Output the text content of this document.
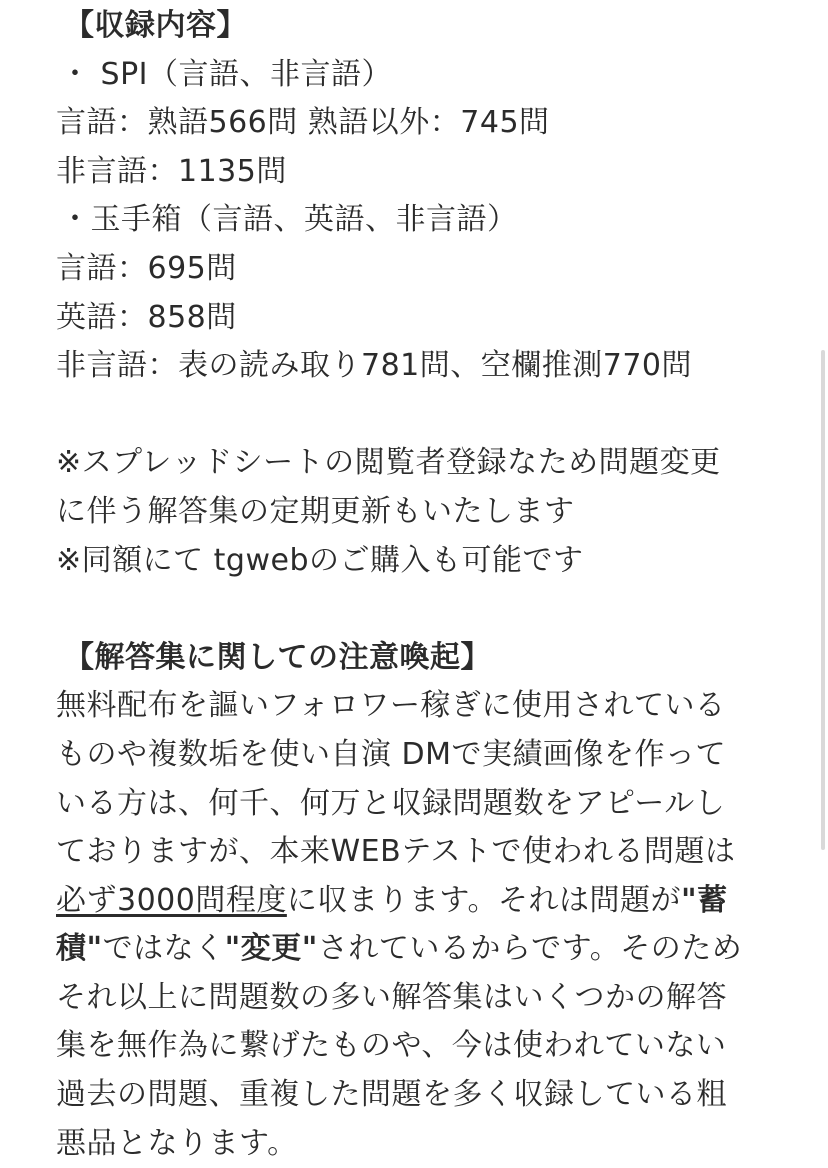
【収録内容】
・ SPI（言語、非言語）
言語：熟語566問 熟語以外：745問
非言語：1135問
・玉手箱（言語、英語、非言語）
言語：695問
英語：858問
非言語：表の読み取り781問、空欄推測770問
※スプレッドシートの閲覧者登録なため問題変更
に伴う解答集の定期更新もいたします
※同額にて tgwebのご購入も可能です
【解答集に関しての注意喚起】
無料配布を謳いフォロワー稼ぎに使用されている
ものや複数垢を使い自演 DMで実績画像を作って
いる方は、何千、何万と収録問題数をアピールし
ておりますが、本来WEBテストで使われる問題は
必ず3000問程度に収まります。それは問題が"蓄
積"ではなく"変更"されているからです。そのため
それ以上に問題数の多い解答集はいくつかの解答
集を無作為に繋げたものや、今は使われていない
過去の問題、重複した問題を多く収録している粗
悪品となります。
